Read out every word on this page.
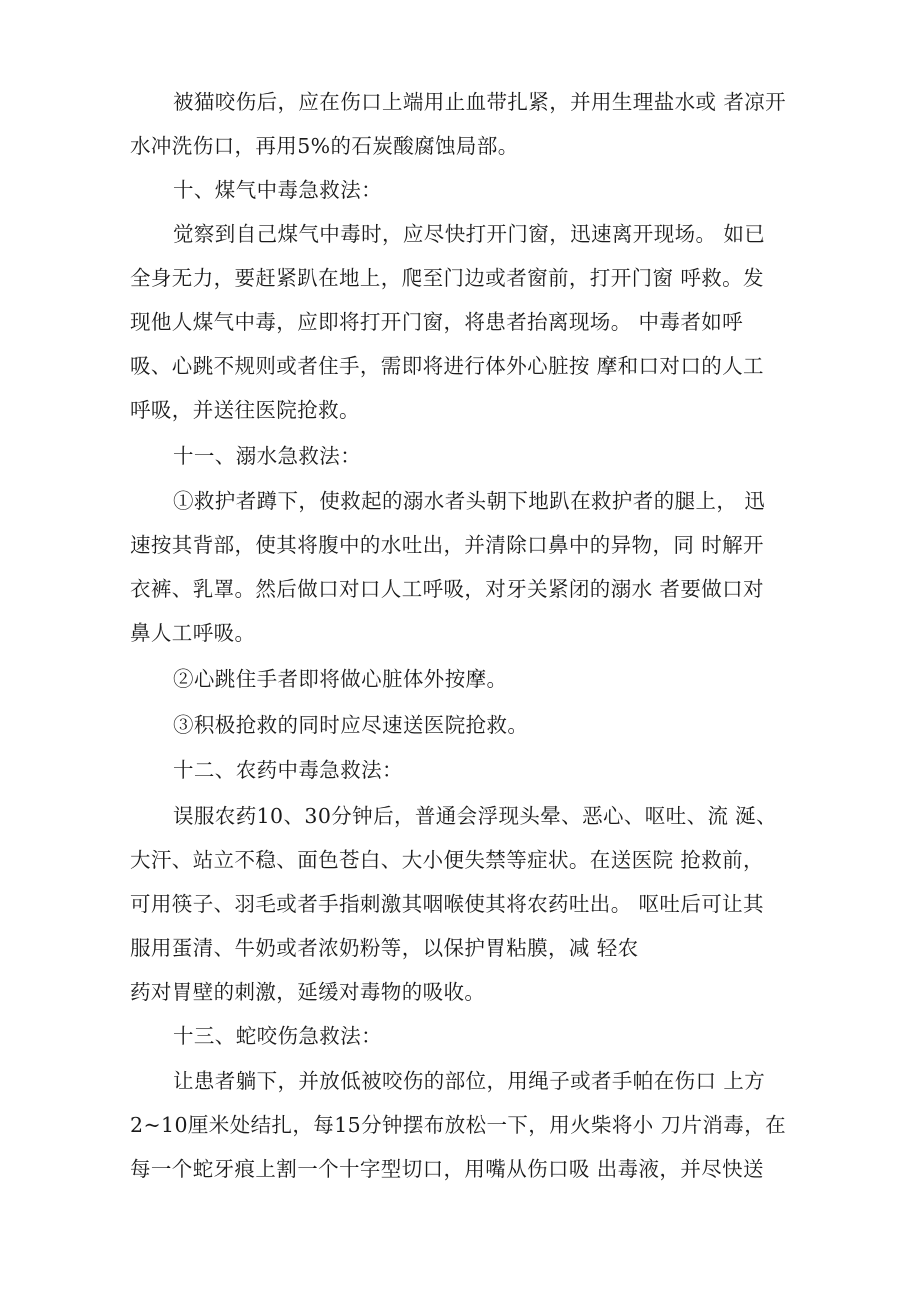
被猫咬伤后，应在伤口上端用止血带扎紧，并用生理盐水或 者凉开
水冲洗伤口，再用5%的石炭酸腐蚀局部。
十、煤气中毒急救法：
觉察到自己煤气中毒时，应尽快打开门窗，迅速离开现场。 如已
全身无力，要赶紧趴在地上，爬至门边或者窗前，打开门窗 呼救。发
现他人煤气中毒，应即将打开门窗，将患者抬离现场。 中毒者如呼
吸、心跳不规则或者住手，需即将进行体外心脏按 摩和口对口的人工
呼吸，并送往医院抢救。
十一、溺水急救法：
①救护者蹲下，使救起的溺水者头朝下地趴在救护者的腿上， 迅
速按其背部，使其将腹中的水吐出，并清除口鼻中的异物，同 时解开
衣裤、乳罩。然后做口对口人工呼吸，对牙关紧闭的溺水 者要做口对
鼻人工呼吸。
②心跳住手者即将做心脏体外按摩。
③积极抢救的同时应尽速送医院抢救。
十二、农药中毒急救法：
误服农药10、30分钟后，普通会浮现头晕、恶心、呕吐、流 涎、
大汗、站立不稳、面色苍白、大小便失禁等症状。在送医院 抢救前，
可用筷子、羽毛或者手指刺激其咽喉使其将农药吐出。 呕吐后可让其
服用蛋清、牛奶或者浓奶粉等，以保护胃粘膜，减 轻农
药对胃壁的刺激，延缓对毒物的吸收。
十三、蛇咬伤急救法：
让患者躺下，并放低被咬伤的部位，用绳子或者手帕在伤口 上方
2~10厘米处结扎，每15分钟摆布放松一下，用火柴将小 刀片消毒，在
每一个蛇牙痕上割一个十字型切口，用嘴从伤口吸 出毒液，并尽快送
